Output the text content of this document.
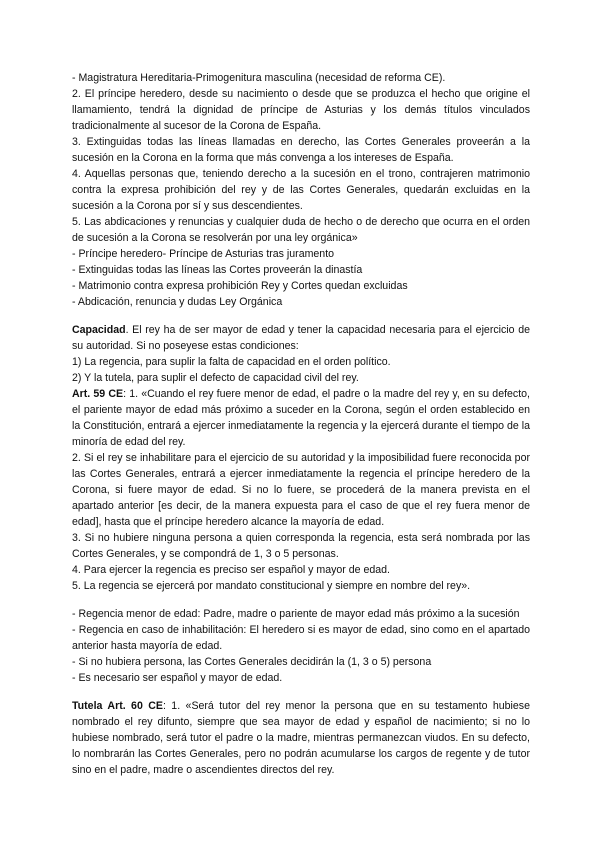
- Magistratura Hereditaria-Primogenitura masculina (necesidad de reforma CE).

2. El príncipe heredero, desde su nacimiento o desde que se produzca el hecho que origine el llamamiento, tendrá la dignidad de príncipe de Asturias y los demás títulos vinculados tradicionalmente al sucesor de la Corona de España.

3. Extinguidas todas las líneas llamadas en derecho, las Cortes Generales proveerán a la sucesión en la Corona en la forma que más convenga a los intereses de España.

4. Aquellas personas que, teniendo derecho a la sucesión en el trono, contrajeren matrimonio contra la expresa prohibición del rey y de las Cortes Generales, quedarán excluidas en la sucesión a la Corona por sí y sus descendientes.

5. Las abdicaciones y renuncias y cualquier duda de hecho o de derecho que ocurra en el orden de sucesión a la Corona se resolverán por una ley orgánica»

- Príncipe heredero- Príncipe de Asturias tras juramento

- Extinguidas todas las líneas las Cortes proveerán la dinastía

- Matrimonio contra expresa prohibición Rey y Cortes quedan excluidas

- Abdicación, renuncia y dudas Ley Orgánica

Capacidad. El rey ha de ser mayor de edad y tener la capacidad necesaria para el ejercicio de su autoridad. Si no poseyese estas condiciones:

1) La regencia, para suplir la falta de capacidad en el orden político.

2) Y la tutela, para suplir el defecto de capacidad civil del rey.

Art. 59 CE: 1. «Cuando el rey fuere menor de edad, el padre o la madre del rey y, en su defecto, el pariente mayor de edad más próximo a suceder en la Corona, según el orden establecido en la Constitución, entrará a ejercer inmediatamente la regencia y la ejercerá durante el tiempo de la minoría de edad del rey.

2. Si el rey se inhabilitare para el ejercicio de su autoridad y la imposibilidad fuere reconocida por las Cortes Generales, entrará a ejercer inmediatamente la regencia el príncipe heredero de la Corona, si fuere mayor de edad. Si no lo fuere, se procederá de la manera prevista en el apartado anterior [es decir, de la manera expuesta para el caso de que el rey fuera menor de edad], hasta que el príncipe heredero alcance la mayoría de edad.

3. Si no hubiere ninguna persona a quien corresponda la regencia, esta será nombrada por las Cortes Generales, y se compondrá de 1, 3 o 5 personas.

4. Para ejercer la regencia es preciso ser español y mayor de edad.

5. La regencia se ejercerá por mandato constitucional y siempre en nombre del rey».

- Regencia menor de edad: Padre, madre o pariente de mayor edad más próximo a la sucesión

- Regencia en caso de inhabilitación: El heredero si es mayor de edad, sino como en el apartado anterior hasta mayoría de edad.

- Si no hubiera persona, las Cortes Generales decidirán la (1, 3 o 5) persona

- Es necesario ser español y mayor de edad.

Tutela Art. 60 CE: 1. «Será tutor del rey menor la persona que en su testamento hubiese nombrado el rey difunto, siempre que sea mayor de edad y español de nacimiento; si no lo hubiese nombrado, será tutor el padre o la madre, mientras permanezcan viudos. En su defecto, lo nombrarán las Cortes Generales, pero no podrán acumularse los cargos de regente y de tutor sino en el padre, madre o ascendientes directos del rey.
